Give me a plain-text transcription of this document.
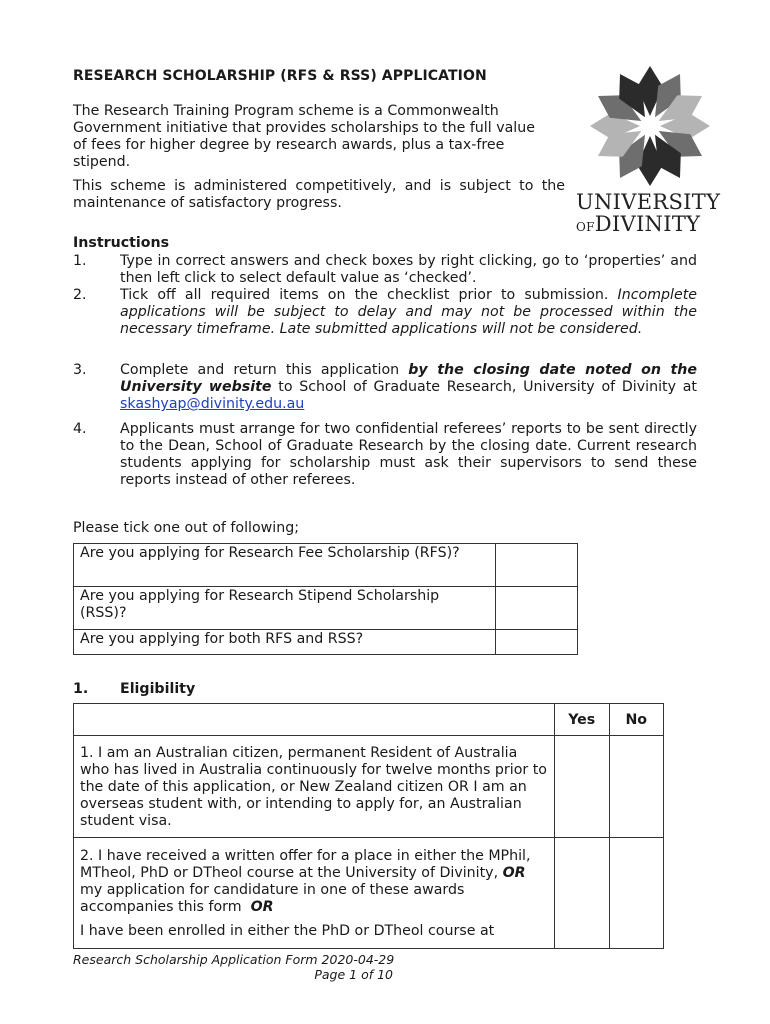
RESEARCH SCHOLARSHIP (RFS & RSS) APPLICATION
The Research Training Program scheme is a Commonwealth Government initiative that provides scholarships to the full value of fees for higher degree by research awards, plus a tax-free stipend.
This scheme is administered competitively, and is subject to the maintenance of satisfactory progress.	UNIVERSITY
OFDIVINITY
Instructions
1. Type in correct answers and check boxes by right clicking, go to ‘properties’ and then left click to select default value as ‘checked’.
2. Tick off all required items on the checklist prior to submission. Incomplete applications will be subject to delay and may not be processed within the necessary timeframe. Late submitted applications will not be considered.
3. Complete and return this application by the closing date noted on the University website to School of Graduate Research, University of Divinity at skashyap@divinity.edu.au
4. Applicants must arrange for two confidential referees’ reports to be sent directly to the Dean, School of Graduate Research by the closing date. Current research students applying for scholarship must ask their supervisors to send these reports instead of other referees.
Please tick one out of following;
Are you applying for Research Fee Scholarship (RFS)?	

Are you applying for Research Stipend Scholarship (RSS)?	

Are you applying for both RFS and RSS?	

1. Eligibility
	Yes	No
1. I am an Australian citizen, permanent Resident of Australia who has lived in Australia continuously for twelve months prior to the date of this application, or New Zealand citizen OR I am an overseas student with, or intending to apply for, an Australian student visa.		

2. I have received a written offer for a place in either the MPhil, MTheol, PhD or DTheol course at the University of Divinity, OR my application for candidature in one of these awards accompanies this form OR
I have been enrolled in either the PhD or DTheol course at		

Research Scholarship Application Form 2020-04-29
Page 1 of 10
